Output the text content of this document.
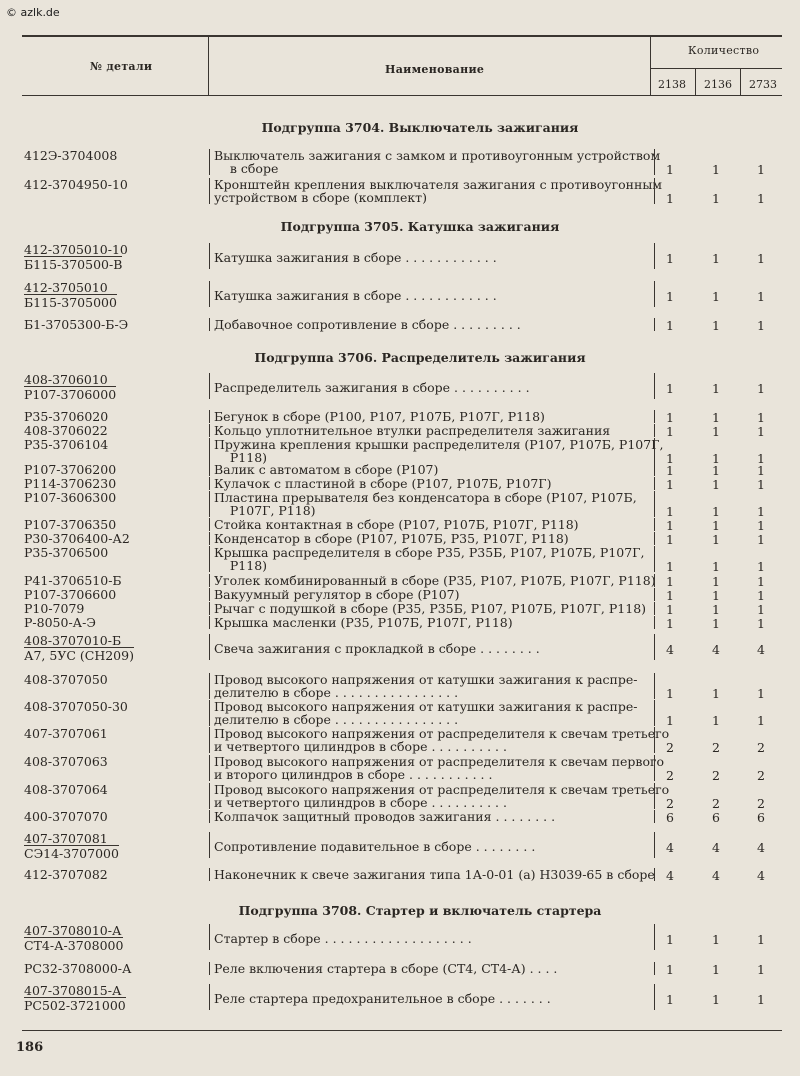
© azlk.de
№ детали	Наименование
Количество
2138 2136 2733
Подгруппа 3704. Выключатель зажигания
412Э-3704008	Выключатель зажигания с замком и противоугонным устройством
в сборе	1	1	1
412-3704950-10	Кронштейн крепления выключателя зажигания с противоугонным
устройством в сборе (комплект)	1	1	1
Подгруппа 3705. Катушка зажигания
412-3705010-10
Б115-370500-В	Катушка зажигания в сборе . . . . . . . . . . . .	1	1	1
412-3705010
Б115-3705000	Катушка зажигания в сборе . . . . . . . . . . . .	1	1	1
Б1-3705300-Б-Э	Добавочное сопротивление в сборе . . . . . . . . .	1	1	1
Подгруппа 3706. Распределитель зажигания
408-3706010
Р107-3706000	Распределитель зажигания в сборе . . . . . . . . . .	1	1	1
Р35-3706020	Бегунок в сборе (Р100, Р107, Р107Б, Р107Г, Р118)	1	1	1
408-3706022	Кольцо уплотнительное втулки распределителя зажигания	1	1	1
Р35-3706104	Пружина крепления крышки распределителя (Р107, Р107Б, Р107Г,
Р118)	1	1	1
Р107-3706200	Валик с автоматом в сборе (Р107)	1	1	1
Р114-3706230	Кулачок с пластиной в сборе (Р107, Р107Б, Р107Г)	1	1	1
Р107-3606300	Пластина прерывателя без конденсатора в сборе (Р107, Р107Б,
Р107Г, Р118)	1	1	1
Р107-3706350	Стойка контактная в сборе (Р107, Р107Б, Р107Г, Р118)	1	1	1
Р30-3706400-А2	Конденсатор в сборе (Р107, Р107Б, Р35, Р107Г, Р118)	1	1	1
Р35-3706500	Крышка распределителя в сборе Р35, Р35Б, Р107, Р107Б, Р107Г,
Р118)	1	1	1
Р41-3706510-Б	Уголек комбинированный в сборе (Р35, Р107, Р107Б, Р107Г, Р118) 1	1	1
Р107-3706600	Вакуумный регулятор в сборе (Р107)	1	1	1
Р10-7079	Рычаг с подушкой в сборе (Р35, Р35Б, Р107, Р107Б, Р107Г, Р118)	1	1	1
Р-8050-А-Э	Крышка масленки (Р35, Р107Б, Р107Г, Р118)	1	1	1
408-3707010-Б
А7, 5УС (СН209)	Свеча зажигания с прокладкой в сборе . . . . . . . .	4	4	4
408-3707050	Провод высокого напряжения от катушки зажигания к распре-
делителю в сборе . . . . . . . . . . . . . . . .	1	1	1
408-3707050-30	Провод высокого напряжения от катушки зажигания к распре-
делителю в сборе . . . . . . . . . . . . . . . .	1	1	1
407-3707061	Провод высокого напряжения от распределителя к свечам третьего
и четвертого цилиндров в сборе . . . . . . . . . .	2	2	2
408-3707063	Провод высокого напряжения от распределителя к свечам первого
и второго цилиндров в сборе . . . . . . . . . . .	2	2	2
408-3707064	Провод высокого напряжения от распределителя к свечам третьего
и четвертого цилиндров в сборе . . . . . . . . . .	2	2	2
400-3707070	Колпачок защитный проводов зажигания . . . . . . . .	6	6	6
407-3707081
СЭ14-3707000	Сопротивление подавительное в сборе . . . . . . . .	4	4	4
412-3707082	Наконечник к свече зажигания типа 1А-0-01 (а) Н3039-65 в сборе 4	4	4
Подгруппа 3708. Стартер и включатель стартера
407-3708010-А
СТ4-А-3708000	Стартер в сборе . . . . . . . . . . . . . . . . . . .	1	1	1
РС32-3708000-А	Реле включения стартера в сборе (СТ4, СТ4-А) . . . .	1	1	1
407-3708015-А
РС502-3721000	Реле стартера предохранительное в сборе . . . . . . .	1	1	1
186
